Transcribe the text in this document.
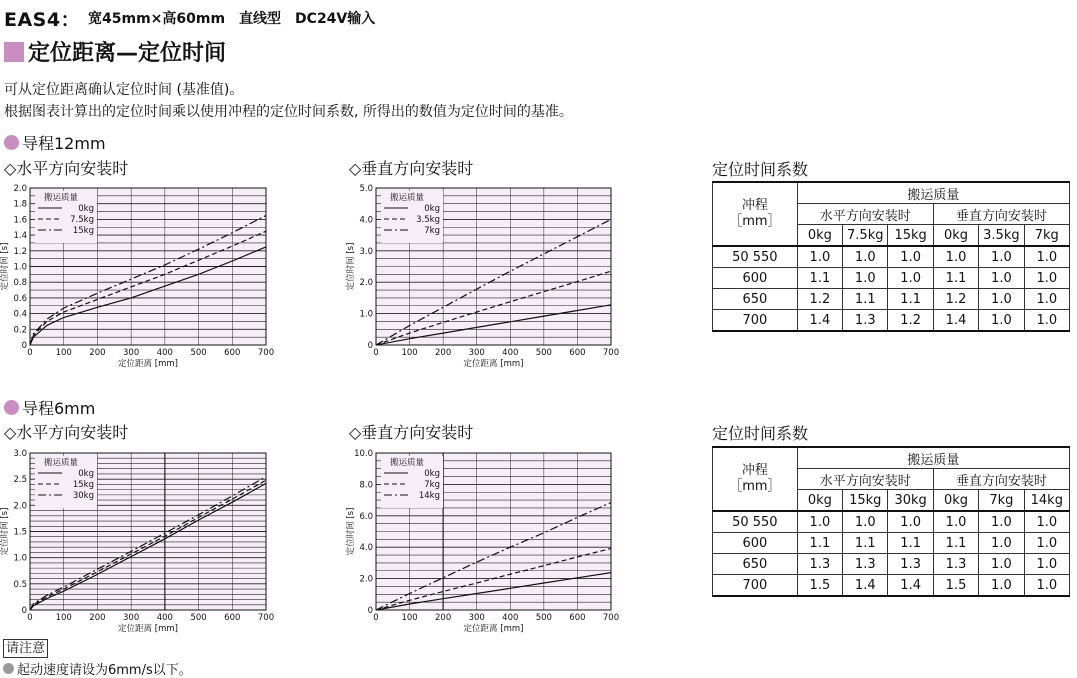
EAS4： 宽45mm×高60mm　直线型　DC24V输入
定位距离—定位时间
可从定位距离确认定位时间 (基准值)。
根据图表计算出的定位时间乘以使用冲程的定位时间系数, 所得出的数值为定位时间的基准。
导程12mm
◇水平方向安装时	◇垂直方向安装时	定位时间系数
0
0.2
0.4
0.6
0.8
1.0
1.2
1.4
1.6
1.8
2.0
0	100 200 300 400 500 600 700
定位距离 [mm]
定位时间 [s]
搬运质量
0kg
7.5kg
15kg
0
1.0
2.0
3.0
4.0
5.0
0	100 200 300 400 500 600 700
定位距离 [mm]
定位时间 [s]
搬运质量
0kg
3.5kg
7kg
冲程
［mm］	搬运质量					
	水平方向安装时			垂直方向安装时		
	0kg	7.5kg	15kg	0kg	3.5kg	7kg
50 550	1.0	1.0	1.0	1.0	1.0	1.0
600	1.1	1.0	1.0	1.1	1.0	1.0
650	1.2	1.1	1.1	1.2	1.0	1.0
700	1.4	1.3	1.2	1.4	1.0	1.0
导程6mm
◇水平方向安装时	◇垂直方向安装时	定位时间系数
0
0.5
1.0
1.5
2.0
2.5
3.0
0	100 200 300 400 500 600 700
定位距离 [mm]
定位时间 [s]
搬运质量
0kg
15kg
30kg
0
2.0
4.0
6.0
8.0
10.0
0	100 200 300 400 500 600 700
定位距离 [mm]
定位时间 [s]
搬运质量
0kg
7kg
14kg
冲程
［mm］	搬运质量					
	水平方向安装时			垂直方向安装时		
	0kg	15kg	30kg	0kg	7kg	14kg
50 550	1.0	1.0	1.0	1.0	1.0	1.0
600	1.1	1.1	1.1	1.1	1.0	1.0
650	1.3	1.3	1.3	1.3	1.0	1.0
700	1.5	1.4	1.4	1.5	1.0	1.0
请注意
起动速度请设为6mm/s以下。
